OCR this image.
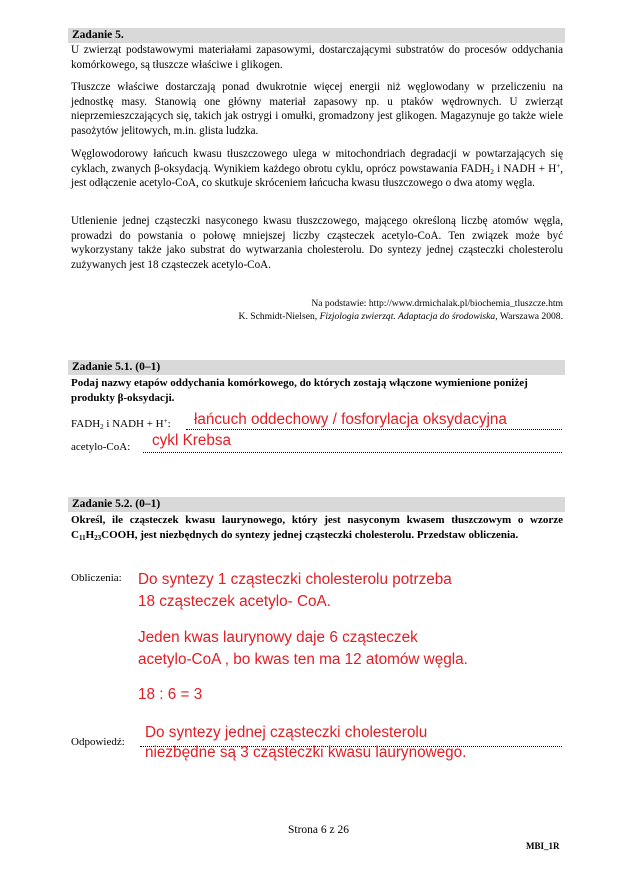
Zadanie 5.

U zwierząt podstawowymi materiałami zapasowymi, dostarczającymi substratów do procesów oddychania komórkowego, są tłuszcze właściwe i glikogen.

Tłuszcze właściwe dostarczają ponad dwukrotnie więcej energii niż węglowodany w przeliczeniu na jednostkę masy. Stanowią one główny materiał zapasowy np. u ptaków wędrownych. U zwierząt nieprzemieszczających się, takich jak ostrygi i omułki, gromadzony jest glikogen. Magazynuje go także wiele pasożytów jelitowych, m.in. glista ludzka.

Węglowodorowy łańcuch kwasu tłuszczowego ulega w mitochondriach degradacji w powtarzających się cyklach, zwanych β-oksydacją. Wynikiem każdego obrotu cyklu, oprócz powstawania $FADH_2$ i NADH + H+, jest odłączenie acetylo-CoA, co skutkuje skróceniem łańcucha kwasu tłuszczowego o dwa atomy węgla.

Utlenienie jednej cząsteczki nasyconego kwasu tłuszczowego, mającego określoną liczbę atomów węgla, prowadzi do powstania o połowę mniejszej liczby cząsteczek acetylo-CoA. Ten związek może być wykorzystany także jako substrat do wytwarzania cholesterolu. Do syntezy jednej cząsteczki cholesterolu zużywanych jest 18 cząsteczek acetylo-CoA.

Na podstawie: http://www.drmichalak.pl/biochemia_tluszcze.htm
K. Schmidt-Nielsen, Fizjologia zwierząt. Adaptacja do środowiska, Warszawa 2008.
Zadanie 5.1. (0–1)

Podaj nazwy etapów oddychania komórkowego, do których zostają włączone wymienione poniżej produkty β-oksydacji.

$FADH_2$ i NADH + H+: łańcuch oddechowy / fosforylacja oksydacyjna
acetylo-CoA: cykl Krebsa
Zadanie 5.2. (0–1)

Określ, ile cząsteczek kwasu laurynowego, który jest nasyconym kwasem tłuszczowym o wzorze $C_{11}H_{23}COOH$, jest niezbędnych do syntezy jednej cząsteczki cholesterolu. Przedstaw obliczenia.

Obliczenia: Do syntezy 1 cząsteczki cholesterolu potrzeba
18 cząsteczek acetylo- CoA.
Jeden kwas laurynowy daje 6 cząsteczek
acetylo-CoA , bo kwas ten ma 12 atomów węgla.
18 : 6 = 3
Odpowiedź:
Do syntezy jednej cząsteczki cholesterolu
niezbędne są 3 cząsteczki kwasu laurynowego.
Strona 6 z 26
MBI_1R
